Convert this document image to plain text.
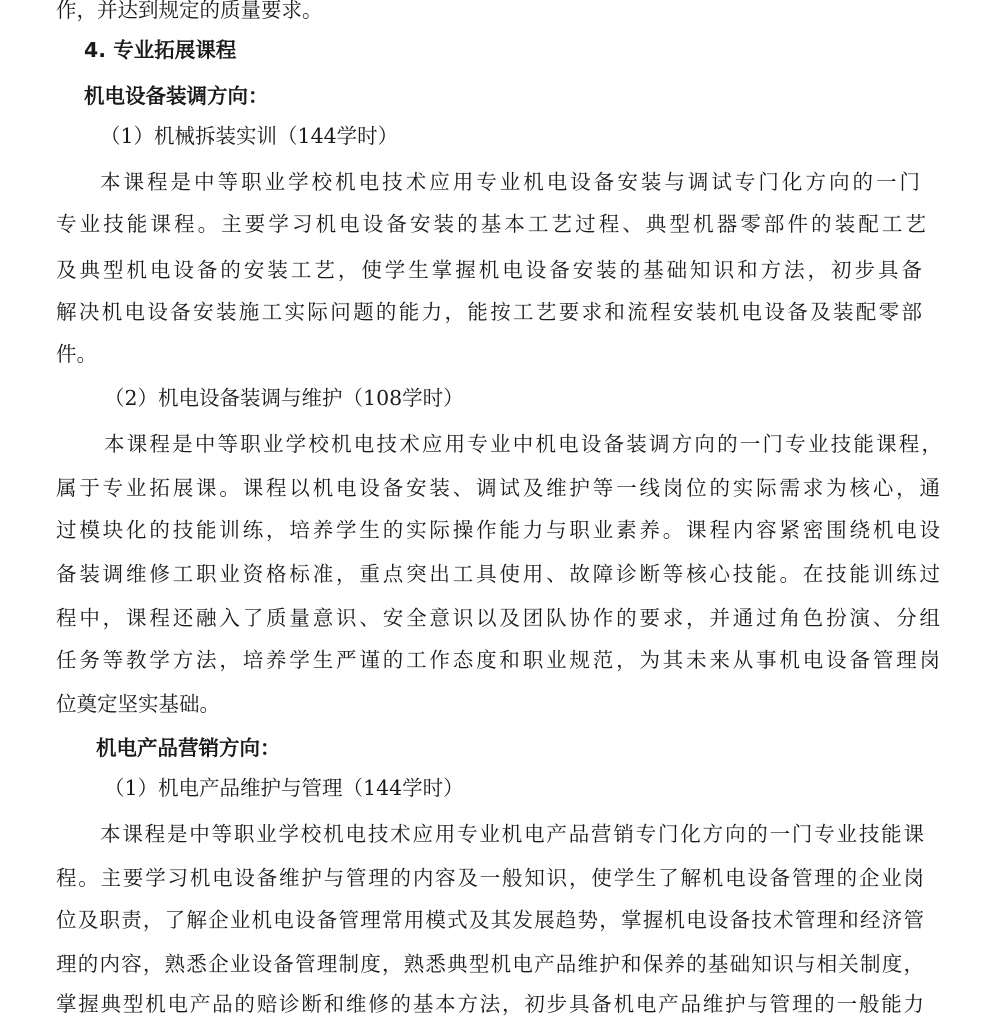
作，并达到规定的质量要求。
4. 专业拓展课程
机电设备装调方向：
（1）机械拆装实训（144学时）
本课程是中等职业学校机电技术应用专业机电设备安装与调试专门化方向的一门
专业技能课程。主要学习机电设备安装的基本工艺过程、典型机器零部件的装配工艺
及典型机电设备的安装工艺，使学生掌握机电设备安装的基础知识和方法，初步具备
解决机电设备安装施工实际问题的能力，能按工艺要求和流程安装机电设备及装配零部
件。
（2）机电设备装调与维护（108学时）
本课程是中等职业学校机电技术应用专业中机电设备装调方向的一门专业技能课程，
属于专业拓展课。课程以机电设备安装、调试及维护等一线岗位的实际需求为核心，通
过模块化的技能训练，培养学生的实际操作能力与职业素养。课程内容紧密围绕机电设
备装调维修工职业资格标准，重点突出工具使用、故障诊断等核心技能。在技能训练过
程中，课程还融入了质量意识、安全意识以及团队协作的要求，并通过角色扮演、分组
任务等教学方法，培养学生严谨的工作态度和职业规范，为其未来从事机电设备管理岗
位奠定坚实基础。
机电产品营销方向：
（1）机电产品维护与管理（144学时）
本课程是中等职业学校机电技术应用专业机电产品营销专门化方向的一门专业技能课
程。主要学习机电设备维护与管理的内容及一般知识，使学生了解机电设备管理的企业岗
位及职责，了解企业机电设备管理常用模式及其发展趋势，掌握机电设备技术管理和经济管
理的内容，熟悉企业设备管理制度，熟悉典型机电产品维护和保养的基础知识与相关制度，
掌握典型机电产品的赔诊断和维修的基本方法，初步具备机电产品维护与管理的一般能力
